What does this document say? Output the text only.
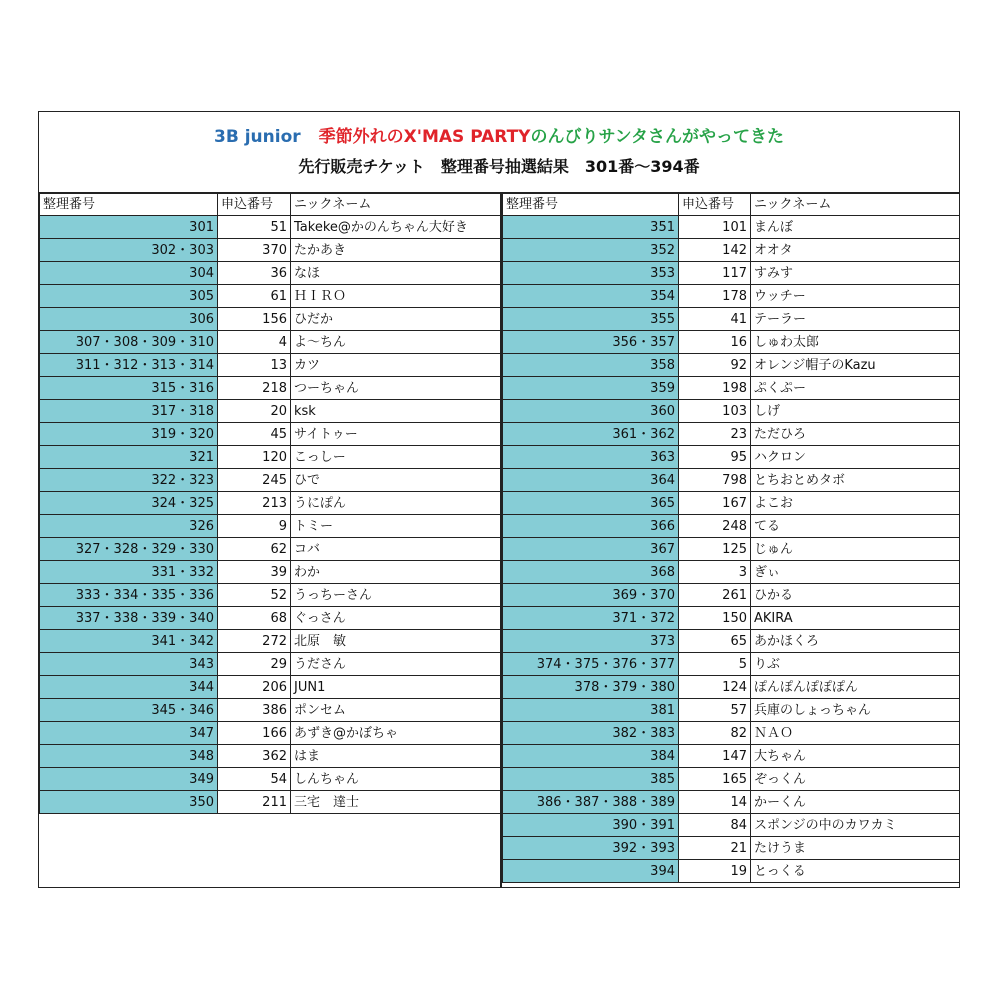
3B junior 季節外れのX'MAS PARTYのんびりサンタさんがやってきた
先行販売チケット　整理番号抽選結果　301番～394番
整理番号	申込番号	ニックネーム
301	51	Takeke@かのんちゃん大好き
302・303	370	たかあき
304	36	なほ
305	61	ＨＩＲＯ
306	156	ひだか
307・308・309・310	4	よ～ちん
311・312・313・314	13	カツ
315・316	218	つーちゃん
317・318	20	ksk
319・320	45	サイトゥー
321	120	こっしー
322・323	245	ひで
324・325	213	うにぽん
326	9	トミー
327・328・329・330	62	コバ
331・332	39	わか
333・334・335・336	52	うっちーさん
337・338・339・340	68	ぐっさん
341・342	272	北原　敏
343	29	うださん
344	206	JUN1
345・346	386	ポンセム
347	166	あずき@かぼちゃ
348	362	はま
349	54	しんちゃん
350	211	三宅　達士
整理番号	申込番号	ニックネーム
351	101	まんぼ
352	142	オオタ
353	117	すみす
354	178	ウッチー
355	41	テーラー
356・357	16	しゅわ太郎
358	92	オレンジ帽子のKazu
359	198	ぷくぷー
360	103	しげ
361・362	23	ただひろ
363	95	ハクロン
364	798	とちおとめタボ
365	167	よこお
366	248	てる
367	125	じゅん
368	3	ぎぃ
369・370	261	ひかる
371・372	150	AKIRA
373	65	あかほくろ
374・375・376・377	5	りぶ
378・379・380	124	ぽんぽんぽぽぽん
381	57	兵庫のしょっちゃん
382・383	82	ＮＡＯ
384	147	大ちゃん
385	165	ぞっくん
386・387・388・389	14	かーくん
390・391	84	スポンジの中のカワカミ
392・393	21	たけうま
394	19	とっくる
